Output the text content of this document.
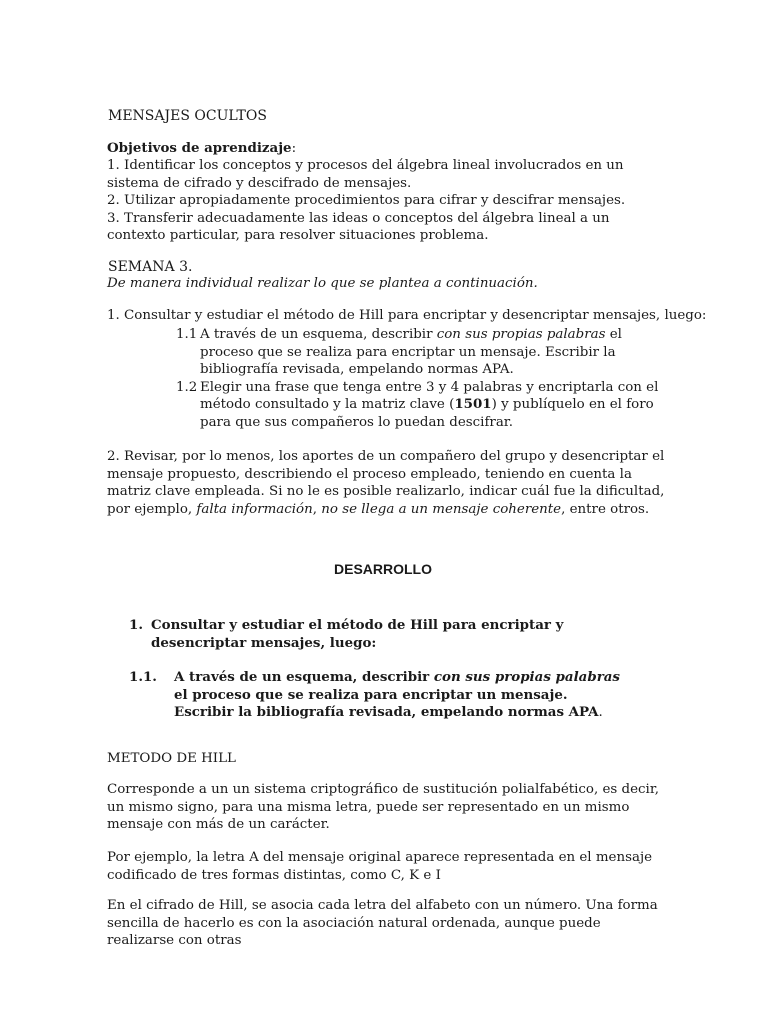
MENSAJES OCULTOS
Objetivos de aprendizaje:

1. Identificar los conceptos y procesos del álgebra lineal involucrados en un sistema de cifrado y descifrado de mensajes.

2. Utilizar apropiadamente procedimientos para cifrar y descifrar mensajes.

3. Transferir adecuadamente las ideas o conceptos del álgebra lineal a un contexto particular, para resolver situaciones problema.

SEMANA 3.
De manera individual realizar lo que se plantea a continuación.
1. Consultar y estudiar el método de Hill para encriptar y desencriptar mensajes, luego:

1.1 A través de un esquema, describir con sus propias palabras el proceso que se realiza para encriptar un mensaje. Escribir la bibliografía revisada, empelando normas APA.

1.2 Elegir una frase que tenga entre 3 y 4 palabras y encriptarla con el método consultado y la matriz clave (1501) y publíquelo en el foro para que sus compañeros lo puedan descifrar.

2. Revisar, por lo menos, los aportes de un compañero del grupo y desencriptar el mensaje propuesto, describiendo el proceso empleado, teniendo en cuenta la matriz clave empleada. Si no le es posible realizarlo, indicar cuál fue la dificultad, por ejemplo, falta información, no se llega a un mensaje coherente, entre otros.
DESARROLLO
1. Consultar y estudiar el método de Hill para encriptar y desencriptar mensajes, luego:
1.1. A través de un esquema, describir con sus propias palabras el proceso que se realiza para encriptar un mensaje. Escribir la bibliografía revisada, empelando normas APA.
METODO DE HILL
Corresponde a un un sistema criptográfico de sustitución polialfabético, es decir, un mismo signo, para una misma letra, puede ser representado en un mismo mensaje con más de un carácter.
Por ejemplo, la letra A del mensaje original aparece representada en el mensaje codificado de tres formas distintas, como C, K e I
En el cifrado de Hill, se asocia cada letra del alfabeto con un número. Una forma sencilla de hacerlo es con la asociación natural ordenada, aunque puede realizarse con otras
